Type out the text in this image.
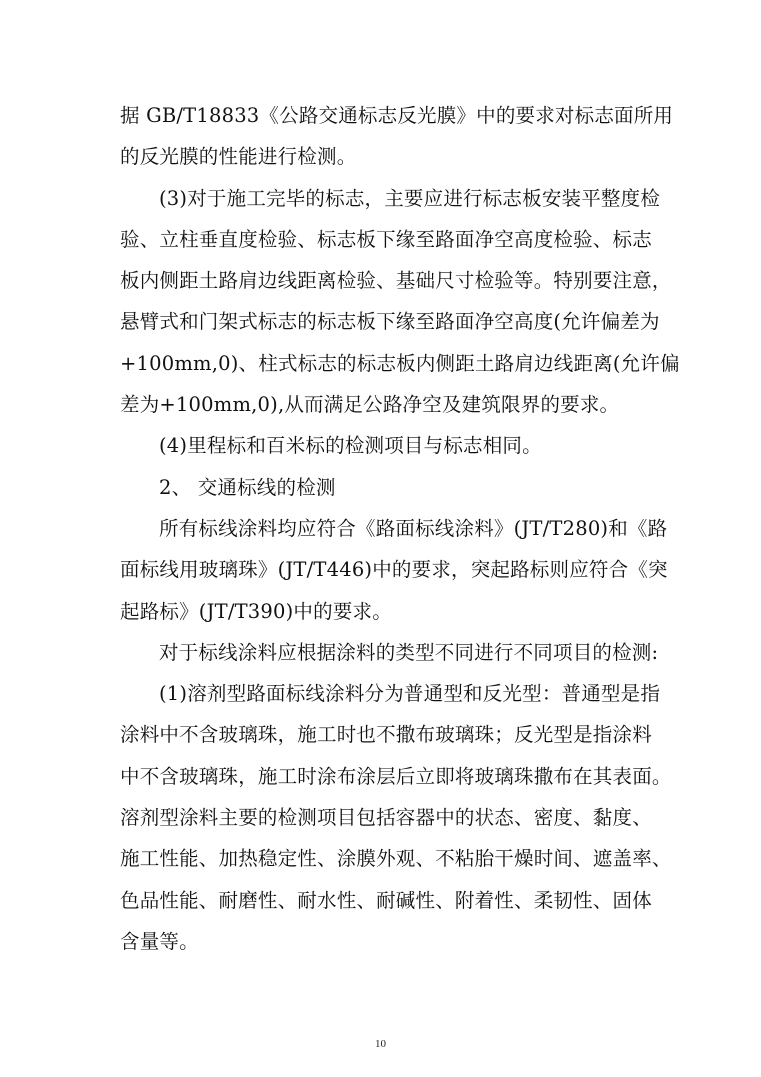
据 GB/T18833《公路交通标志反光膜》中的要求对标志面所用
的反光膜的性能进行检测。
(3)对于施工完毕的标志，主要应进行标志板安装平整度检
验、立柱垂直度检验、标志板下缘至路面净空高度检验、标志
板内侧距土路肩边线距离检验、基础尺寸检验等。特别要注意，
悬臂式和门架式标志的标志板下缘至路面净空高度(允许偏差为
+100mm,0)、柱式标志的标志板内侧距土路肩边线距离(允许偏
差为+100mm,0),从而满足公路净空及建筑限界的要求。
(4)里程标和百米标的检测项目与标志相同。
2、 交通标线的检测
所有标线涂料均应符合《路面标线涂料》(JT/T280)和《路
面标线用玻璃珠》(JT/T446)中的要求，突起路标则应符合《突
起路标》(JT/T390)中的要求。
对于标线涂料应根据涂料的类型不同进行不同项目的检测:
(1)溶剂型路面标线涂料分为普通型和反光型：普通型是指
涂料中不含玻璃珠，施工时也不撒布玻璃珠；反光型是指涂料
中不含玻璃珠，施工时涂布涂层后立即将玻璃珠撒布在其表面。
溶剂型涂料主要的检测项目包括容器中的状态、密度、黏度、
施工性能、加热稳定性、涂膜外观、不粘胎干燥时间、遮盖率、
色品性能、耐磨性、耐水性、耐碱性、附着性、柔韧性、固体
含量等。
10
